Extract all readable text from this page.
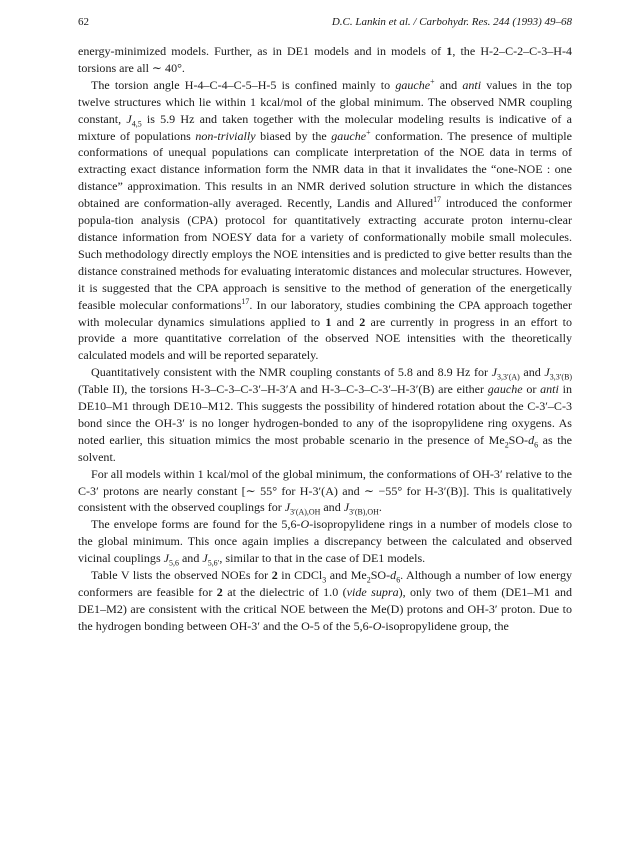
62	D.C. Lankin et al. / Carbohydr. Res. 244 (1993) 49–68

energy-minimized models. Further, as in DE1 models and in models of 1, the H-2–C-2–C-3–H-4 torsions are all ∼ 40°.

The torsion angle H-4–C-4–C-5–H-5 is confined mainly to gauche+ and anti values in the top twelve structures which lie within 1 kcal/mol of the global minimum. The observed NMR coupling constant, $J_{4,5}$ is 5.9 Hz and taken together with the molecular modeling results is indicative of a mixture of populations non-trivially biased by the gauche+ conformation. The presence of multiple conformations of unequal populations can complicate interpretation of the NOE data in terms of extracting exact distance information form the NMR data in that it invalidates the “one-NOE : one distance” approximation. This results in an NMR derived solution structure in which the distances obtained are conformation-ally averaged. Recently, Landis and Allured$^{17}$ introduced the conformer popula-tion analysis (CPA) protocol for quantitatively extracting accurate proton internu-clear distance information from NOESY data for a variety of conformationally mobile small molecules. Such methodology directly employs the NOE intensities and is predicted to give better results than the distance constrained methods for evaluating interatomic distances and molecular structures. However, it is suggested that the CPA approach is sensitive to the method of generation of the energetically feasible molecular conformations$^{17}$. In our laboratory, studies combining the CPA approach together with molecular dynamics simulations applied to 1 and 2 are currently in progress in an effort to provide a more quantitative correlation of the observed NOE intensities with the theoretically calculated models and will be reported separately.

Quantitatively consistent with the NMR coupling constants of 5.8 and 8.9 Hz for $J_{3,3'(A)}$ and $J_{3,3'(B)}$ (Table II), the torsions H-3–C-3–C-3′–H-3′A and H-3–C-3–C-3′–H-3′(B) are either gauche or anti in DE10–M1 through DE10–M12. This suggests the possibility of hindered rotation about the C-3′–C-3 bond since the OH-3′ is no longer hydrogen-bonded to any of the isopropylidene ring oxygens. As noted earlier, this situation mimics the most probable scenario in the presence of $Me_2SO-d_6$ as the solvent.

For all models within 1 kcal/mol of the global minimum, the conformations of OH-3′ relative to the C-3′ protons are nearly constant [∼ 55° for H-3′(A) and ∼ −55° for H-3′(B)]. This is qualitatively consistent with the observed couplings for $J_{3'(A),OH}$ and $J_{3'(B),OH}$.

The envelope forms are found for the 5,6-O-isopropylidene rings in a number of models close to the global minimum. This once again implies a discrepancy between the calculated and observed vicinal couplings $J_{5,6}$ and $J_{5,6'}$, similar to that in the case of DE1 models.

Table V lists the observed NOEs for 2 in CDCl$_3$ and $Me_2SO-d_6$. Although a number of low energy conformers are feasible for 2 at the dielectric of 1.0 (vide supra), only two of them (DE1–M1 and DE1–M2) are consistent with the critical NOE between the Me(D) protons and OH-3′ proton. Due to the hydrogen bonding between OH-3′ and the O-5 of the 5,6-O-isopropylidene group, the
